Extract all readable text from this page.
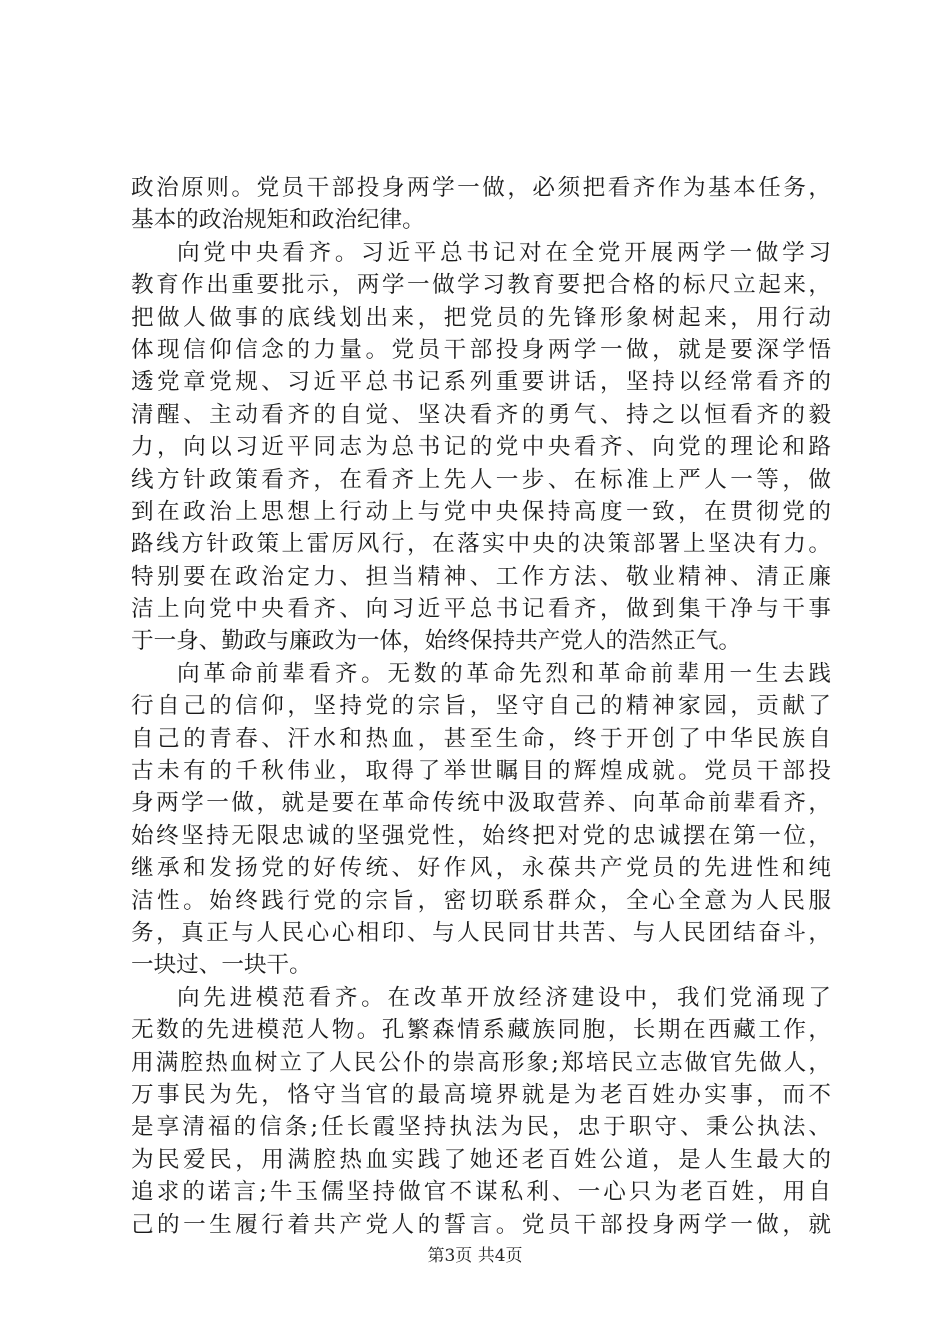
政治原则。党员干部投身两学一做，必须把看齐作为基本任务，
基本的政治规矩和政治纪律。
向党中央看齐。习近平总书记对在全党开展两学一做学习
教育作出重要批示，两学一做学习教育要把合格的标尺立起来，
把做人做事的底线划出来，把党员的先锋形象树起来，用行动
体现信仰信念的力量。党员干部投身两学一做，就是要深学悟
透党章党规、习近平总书记系列重要讲话，坚持以经常看齐的
清醒、主动看齐的自觉、坚决看齐的勇气、持之以恒看齐的毅
力，向以习近平同志为总书记的党中央看齐、向党的理论和路
线方针政策看齐，在看齐上先人一步、在标准上严人一等，做
到在政治上思想上行动上与党中央保持高度一致，在贯彻党的
路线方针政策上雷厉风行，在落实中央的决策部署上坚决有力。
特别要在政治定力、担当精神、工作方法、敬业精神、清正廉
洁上向党中央看齐、向习近平总书记看齐，做到集干净与干事
于一身、勤政与廉政为一体，始终保持共产党人的浩然正气。
向革命前辈看齐。无数的革命先烈和革命前辈用一生去践
行自己的信仰，坚持党的宗旨，坚守自己的精神家园，贡献了
自己的青春、汗水和热血，甚至生命，终于开创了中华民族自
古未有的千秋伟业，取得了举世瞩目的辉煌成就。党员干部投
身两学一做，就是要在革命传统中汲取营养、向革命前辈看齐，
始终坚持无限忠诚的坚强党性，始终把对党的忠诚摆在第一位，
继承和发扬党的好传统、好作风，永葆共产党员的先进性和纯
洁性。始终践行党的宗旨，密切联系群众，全心全意为人民服
务，真正与人民心心相印、与人民同甘共苦、与人民团结奋斗，
一块过、一块干。
向先进模范看齐。在改革开放经济建设中，我们党涌现了
无数的先进模范人物。孔繁森情系藏族同胞，长期在西藏工作，
用满腔热血树立了人民公仆的崇高形象;郑培民立志做官先做人，
万事民为先，恪守当官的最高境界就是为老百姓办实事，而不
是享清福的信条;任长霞坚持执法为民，忠于职守、秉公执法、
为民爱民，用满腔热血实践了她还老百姓公道，是人生最大的
追求的诺言;牛玉儒坚持做官不谋私利、一心只为老百姓，用自
己的一生履行着共产党人的誓言。党员干部投身两学一做，就
第3页 共4页
